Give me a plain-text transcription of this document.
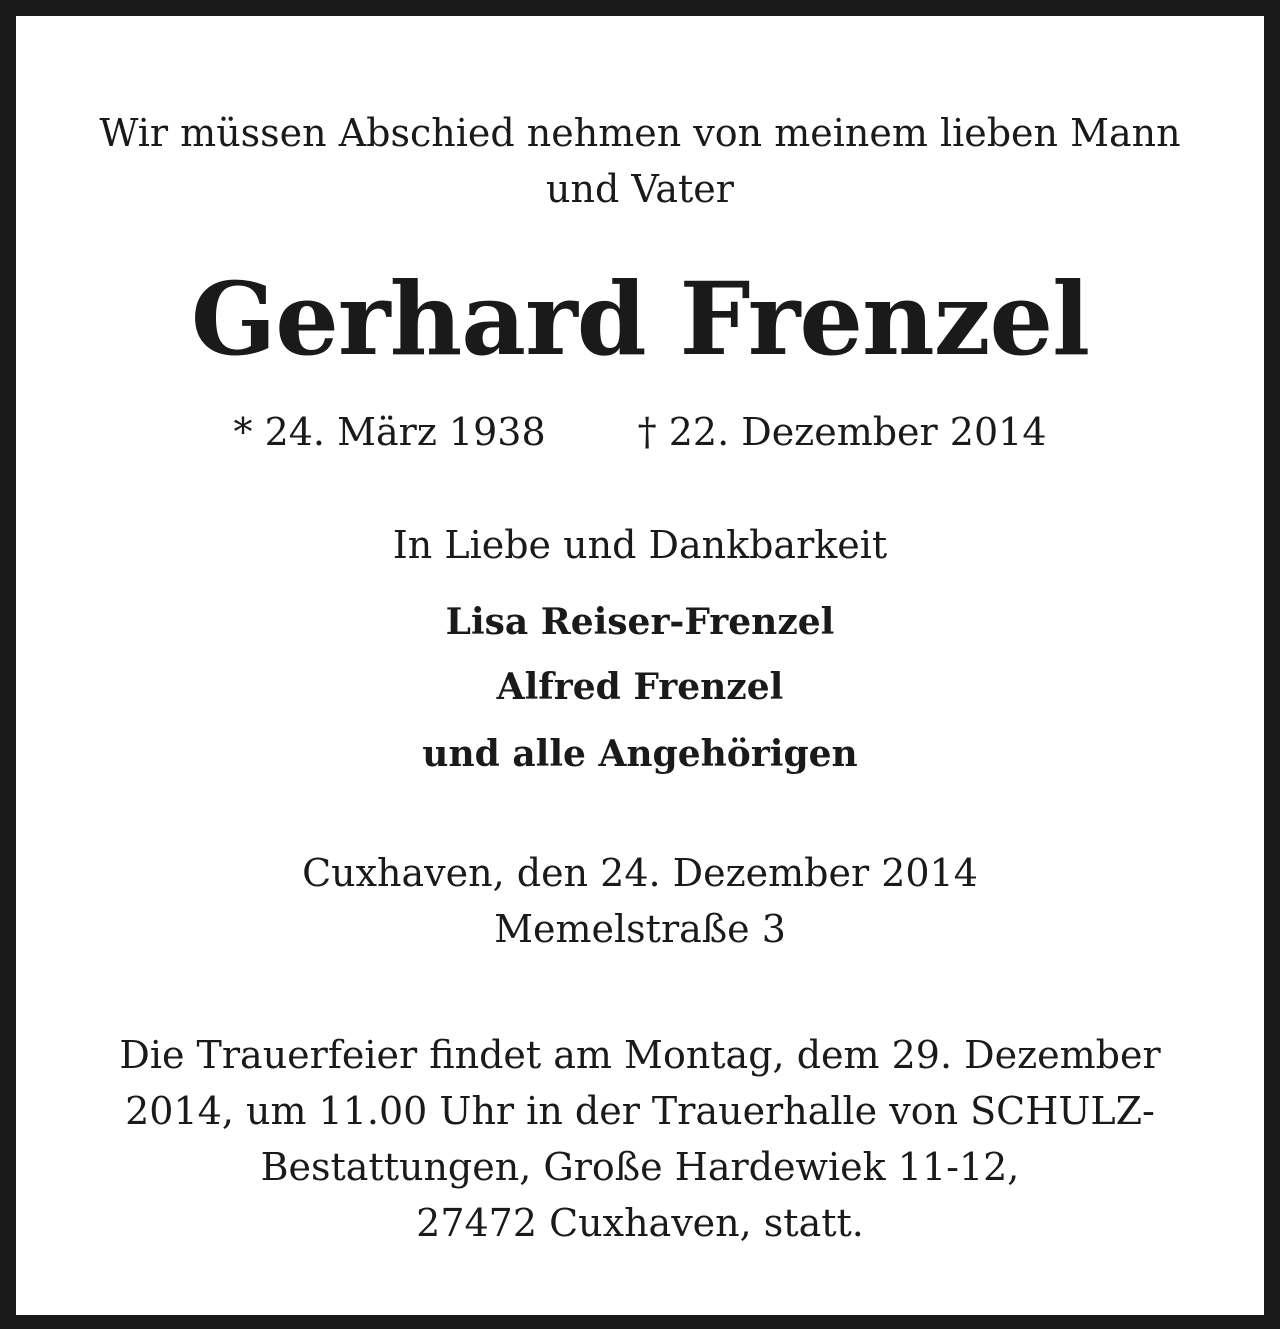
Wir müssen Abschied nehmen von meinem lieben Mann
und Vater
Gerhard Frenzel
* 24. März 1938 † 22. Dezember 2014
In Liebe und Dankbarkeit
Lisa Reiser-Frenzel
Alfred Frenzel
und alle Angehörigen
Cuxhaven, den 24. Dezember 2014
Memelstraße 3
Die Trauerfeier findet am Montag, dem 29. Dezember
2014, um 11.00 Uhr in der Trauerhalle von SCHULZ-
Bestattungen, Große Hardewiek 11-12,
27472 Cuxhaven, statt.
